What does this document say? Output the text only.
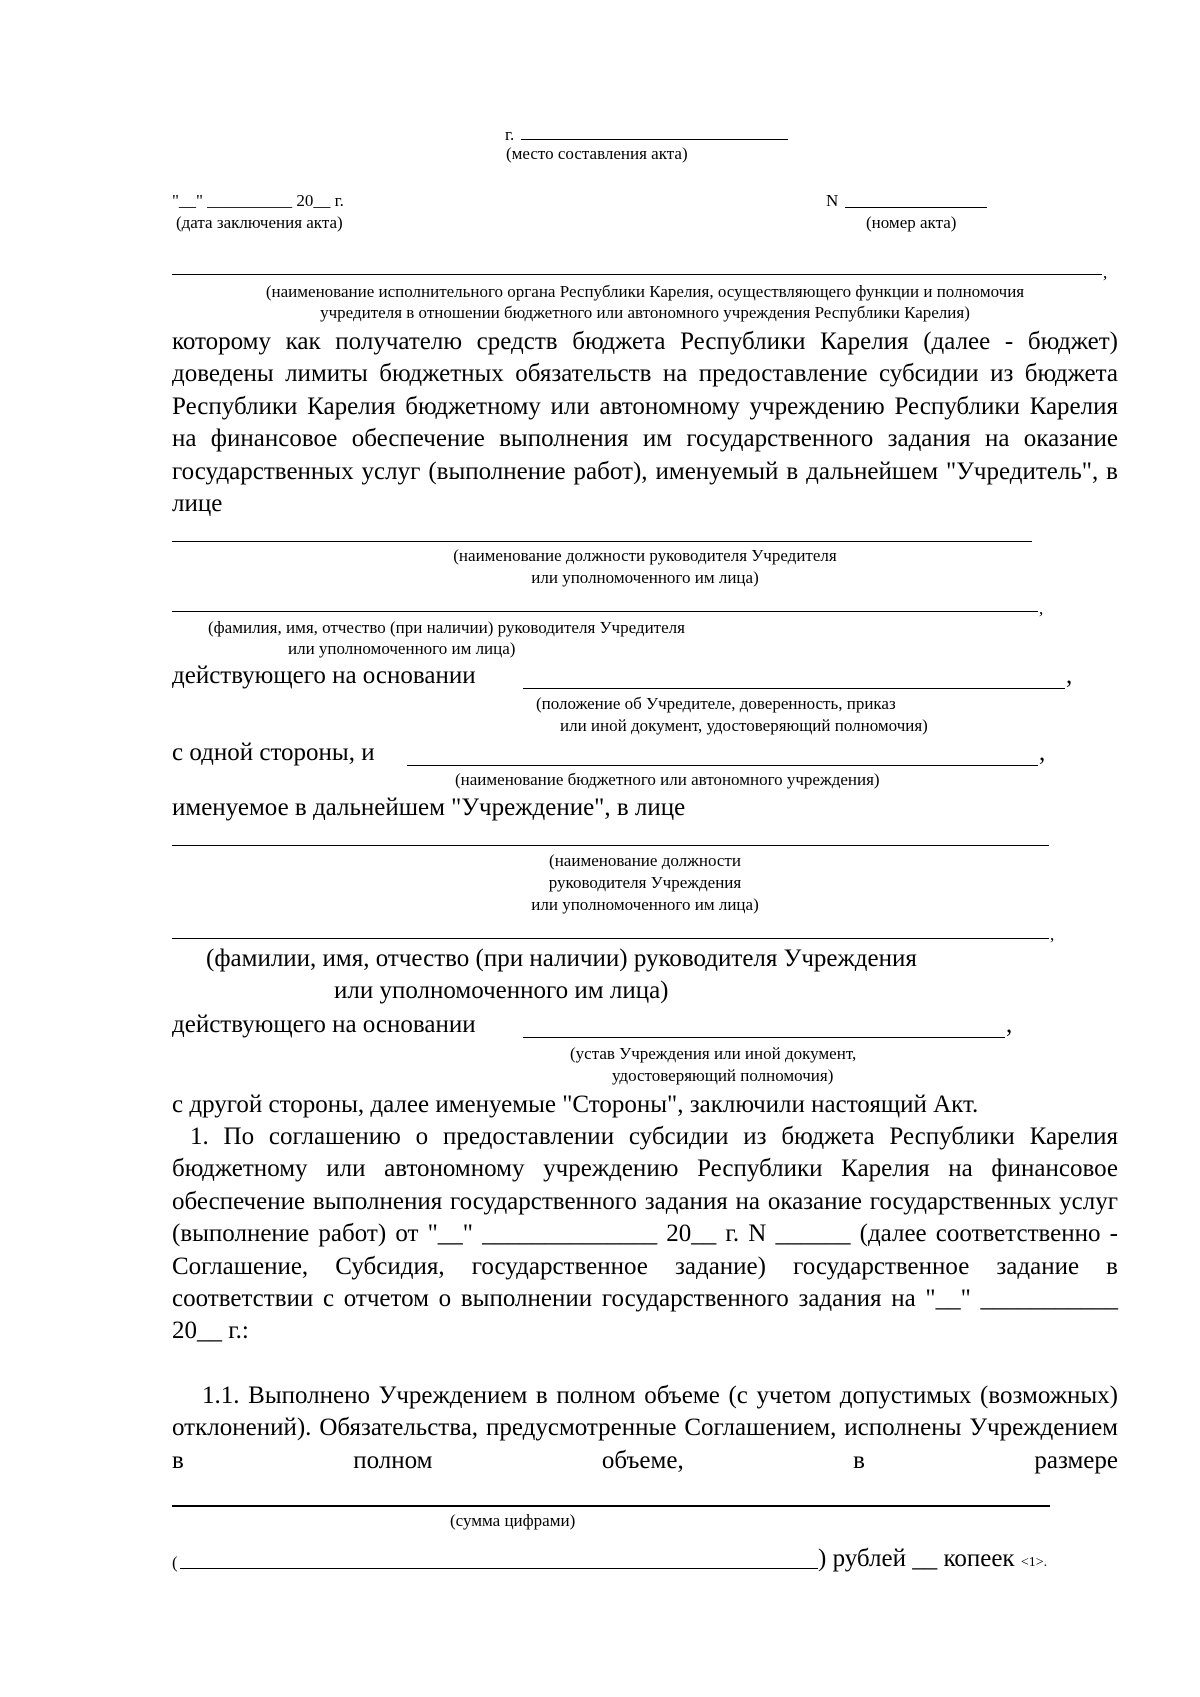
г.
(место составления акта)
"__" __________ 20__ г.
(дата заключения акта)
N
(номер акта)
,
(наименование исполнительного органа Республики Карелия, осуществляющего функции и полномочия
учредителя в отношении бюджетного или автономного учреждения Республики Карелия)

которому как получателю средств бюджета Республики Карелия (далее - бюджет) доведены лимиты бюджетных обязательств на предоставление субсидии из бюджета Республики Карелия бюджетному или автономному учреждению Республики Карелия на финансовое обеспечение выполнения им государственного задания на оказание государственных услуг (выполнение работ), именуемый в дальнейшем "Учредитель", в лице

(наименование должности руководителя Учредителя
или уполномоченного им лица)
,
(фамилия, имя, отчество (при наличии) руководителя Учредителя
или уполномоченного им лица)
действующего на основании	,
(положение об Учредителе, доверенность, приказ
или иной документ, удостоверяющий полномочия)
с одной стороны, и	,
(наименование бюджетного или автономного учреждения)
именуемое в дальнейшем "Учреждение", в лице
(наименование должности
руководителя Учреждения
или уполномоченного им лица)
,
(фамилии, имя, отчество (при наличии) руководителя Учреждения
или уполномоченного им лица)
действующего на основании	,
(устав Учреждения или иной документ,
удостоверяющий полномочия)
с другой стороны, далее именуемые "Стороны", заключили настоящий Акт.

1. По соглашению о предоставлении субсидии из бюджета Республики Карелия бюджетному или автономному учреждению Республики Карелия на финансовое обеспечение выполнения государственного задания на оказание государственных услуг (выполнение работ) от "__" ______________ 20__ г. N ______ (далее соответственно - Соглашение, Субсидия, государственное задание) государственное задание в соответствии с отчетом о выполнении государственного задания на "__" ___________ 20__ г.:

1.1. Выполнено Учреждением в полном объеме (с учетом допустимых (возможных) отклонений). Обязательства, предусмотренные Соглашением, исполнены Учреждением в полном объеме, в размере

(сумма цифрами)
(	) рублей __ копеек <1>.
